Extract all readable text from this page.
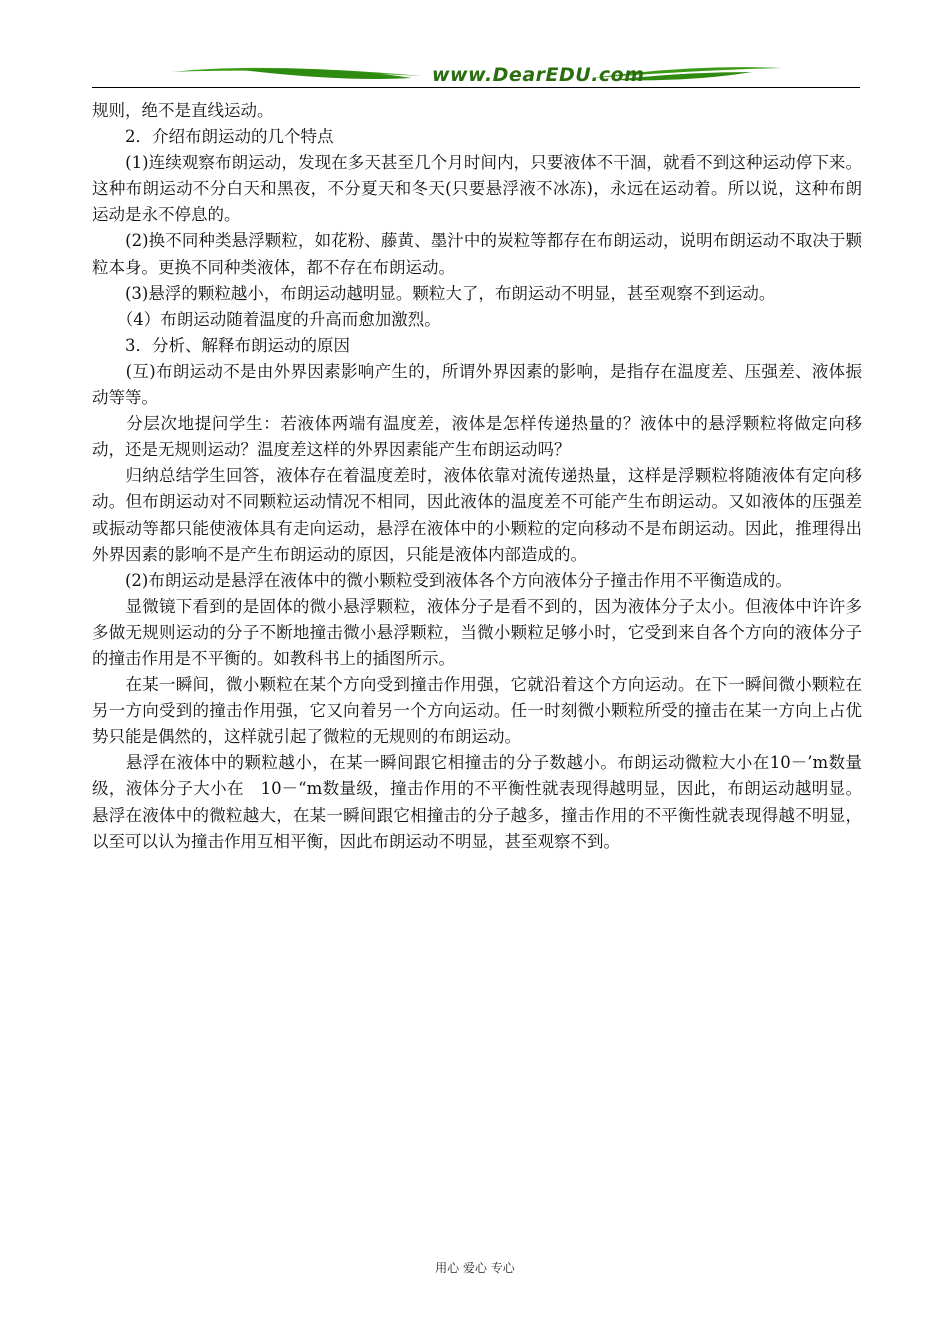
www.DearEDU.com

规则，绝不是直线运动。

　　2．介绍布朗运动的几个特点

　　(1)连续观察布朗运动，发现在多天甚至几个月时间内，只要液体不干涸，就看不到这种运动停下来。这种布朗运动不分白天和黑夜，不分夏天和冬天(只要悬浮液不冰冻)，永远在运动着。所以说，这种布朗运动是永不停息的。

　　(2)换不同种类悬浮颗粒，如花粉、藤黄、墨汁中的炭粒等都存在布朗运动，说明布朗运动不取决于颗粒本身。更换不同种类液体，都不存在布朗运动。

　　(3)悬浮的颗粒越小，布朗运动越明显。颗粒大了，布朗运动不明显，甚至观察不到运动。

　　（4）布朗运动随着温度的升高而愈加激烈。

　　3．分析、解释布朗运动的原因

　　(互)布朗运动不是由外界因素影响产生的，所谓外界因素的影响，是指存在温度差、压强差、液体振动等等。

　　分层次地提问学生：若液体两端有温度差，液体是怎样传递热量的？液体中的悬浮颗粒将做定向移动，还是无规则运动？温度差这样的外界因素能产生布朗运动吗？

　　归纳总结学生回答，液体存在着温度差时，液体依靠对流传递热量，这样是浮颗粒将随液体有定向移动。但布朗运动对不同颗粒运动情况不相同，因此液体的温度差不可能产生布朗运动。又如液体的压强差或振动等都只能使液体具有走向运动，悬浮在液体中的小颗粒的定向移动不是布朗运动。因此，推理得出外界因素的影响不是产生布朗运动的原因，只能是液体内部造成的。

　　(2)布朗运动是悬浮在液体中的微小颗粒受到液体各个方向液体分子撞击作用不平衡造成的。

　　显微镜下看到的是固体的微小悬浮颗粒，液体分子是看不到的，因为液体分子太小。但液体中许许多多做无规则运动的分子不断地撞击微小悬浮颗粒，当微小颗粒足够小时，它受到来自各个方向的液体分子的撞击作用是不平衡的。如教科书上的插图所示。

　　在某一瞬间，微小颗粒在某个方向受到撞击作用强，它就沿着这个方向运动。在下一瞬间微小颗粒在另一方向受到的撞击作用强，它又向着另一个方向运动。任一时刻微小颗粒所受的撞击在某一方向上占优势只能是偶然的，这样就引起了微粒的无规则的布朗运动。

　　悬浮在液体中的颗粒越小，在某一瞬间跟它相撞击的分子数越小。布朗运动微粒大小在10－’m数量级，液体分子大小在　10－“m数量级，撞击作用的不平衡性就表现得越明显，因此，布朗运动越明显。悬浮在液体中的微粒越大，在某一瞬间跟它相撞击的分子越多，撞击作用的不平衡性就表现得越不明显，以至可以认为撞击作用互相平衡，因此布朗运动不明显，甚至观察不到。

用心 爱心 专心
